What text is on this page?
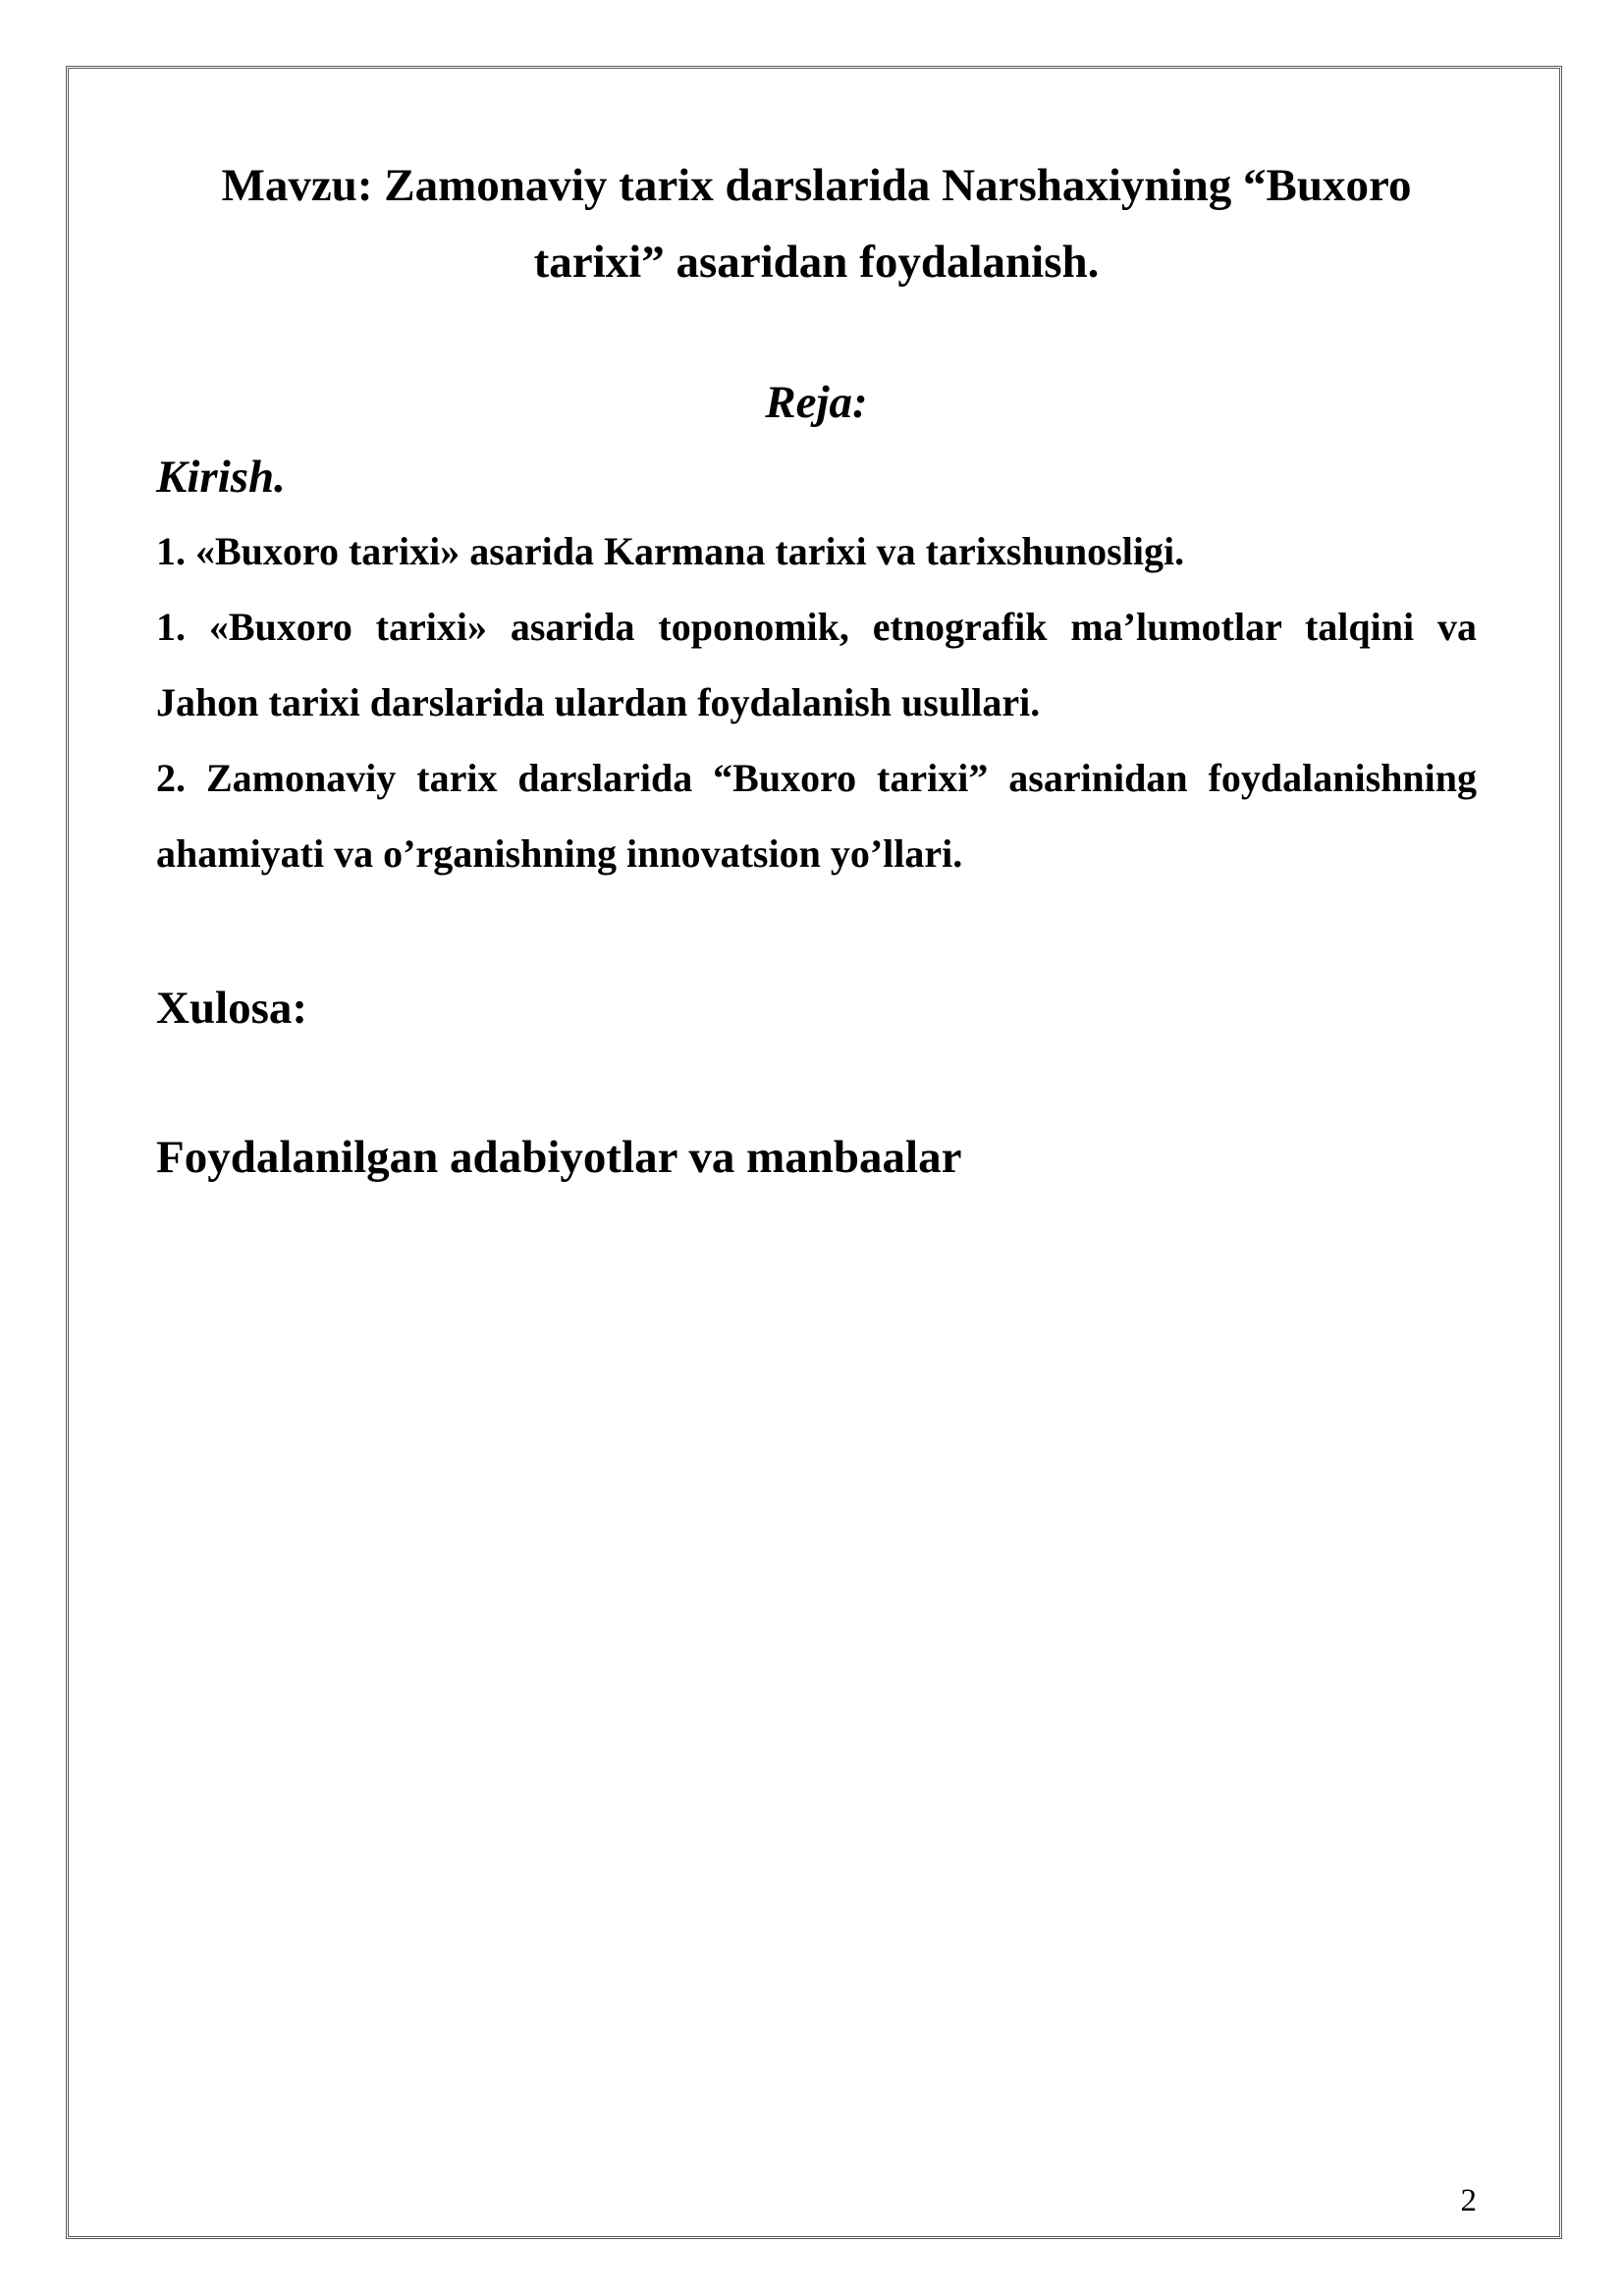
Mavzu: Zamonaviy tarix darslarida Narshaxiyning “Buxoro tarixi” asaridan foydalanish.
Reja:

Kirish.

1. «Buxoro tarixi» asarida Karmana tarixi va tarixshunosligi.
1. «Buxoro tarixi» asarida toponomik, etnografik ma’lumotlar talqini va Jahon tarixi darslarida ulardan foydalanish usullari.
2. Zamonaviy tarix darslarida “Buxoro tarixi” asarinidan foydalanishning ahamiyati va o’rganishning innovatsion yo’llari.

Xulosa:

Foydalanilgan adabiyotlar va manbaalar

2
